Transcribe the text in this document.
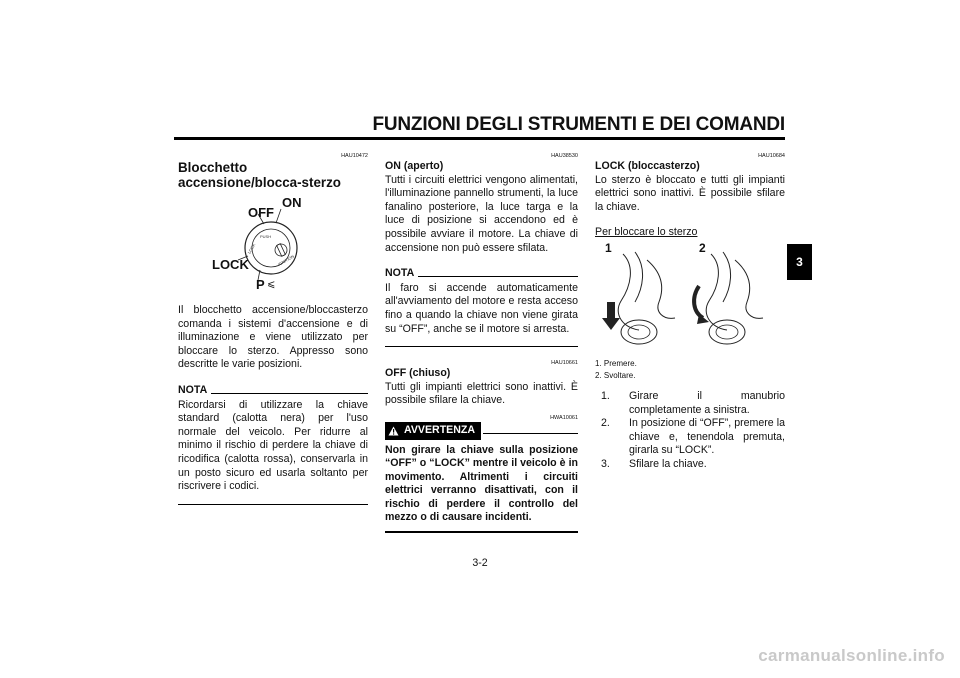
FUNZIONI DEGLI STRUMENTI E DEI COMANDI
3
HAU10472
Blocchetto accensione/blocca-sterzo
PUSH
LOCK
IGNITION
ON
OFF
LOCK
P ⩽

Il blocchetto accensione/bloccasterzo comanda i sistemi d'accensione e di illuminazione e viene utilizzato per bloccare lo sterzo. Appresso sono descritte le varie posizioni.

NOTA

Ricordarsi di utilizzare la chiave standard (calotta nera) per l'uso normale del veicolo. Per ridurre al minimo il rischio di perdere la chiave di ricodifica (calotta rossa), conservarla in un posto sicuro ed usarla soltanto per riscrivere i codici.

HAU38530
ON (aperto)

Tutti i circuiti elettrici vengono alimentati, l'illuminazione pannello strumenti, la luce fanalino posteriore, la luce targa e la luce di posizione si accendono ed è possibile avviare il motore. La chiave di accensione non può essere sfilata.

NOTA

Il faro si accende automaticamente all'avviamento del motore e resta acceso fino a quando la chiave non viene girata su “OFF”, anche se il motore si arresta.

HAU10661
OFF (chiuso)

Tutti gli impianti elettrici sono inattivi. È possibile sfilare la chiave.

HWA10061
AVVERTENZA

Non girare la chiave sulla posizione “OFF” o “LOCK” mentre il veicolo è in movimento. Altrimenti i circuiti elettrici verranno disattivati, con il rischio di perdere il controllo del mezzo o di causare incidenti.

HAU10684
LOCK (bloccasterzo)

Lo sterzo è bloccato e tutti gli impianti elettrici sono inattivi. È possibile sfilare la chiave.

Per bloccare lo sterzo

1	2
1. Premere.
2. Svoltare.
1.	Girare il manubrio completamente a sinistra.
2.	In posizione di “OFF”, premere la chiave e, tenendola premuta, girarla su “LOCK”.
3.	Sfilare la chiave.
3-2
carmanualsonline.info
